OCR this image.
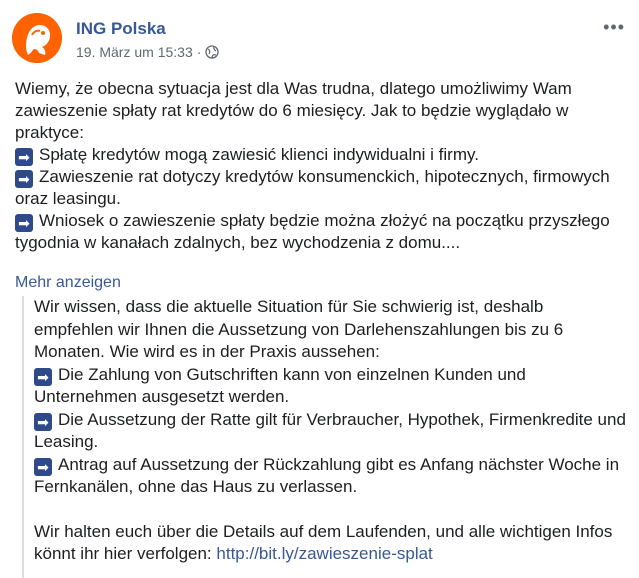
ING Polska
19. März um 15:33 ·
•••

Wiemy, że obecna sytuacja jest dla Was trudna, dlatego umożliwimy Wam zawieszenie spłaty rat kredytów do 6 miesięcy. Jak to będzie wyglądało w praktyce:

➡ Spłatę kredytów mogą zawiesić klienci indywidualni i firmy.

➡ Zawieszenie rat dotyczy kredytów konsumenckich, hipotecznych, firmowych oraz leasingu.

➡ Wniosek o zawieszenie spłaty będzie można złożyć na początku przyszłego tygodnia w kanałach zdalnych, bez wychodzenia z domu....

Mehr anzeigen

Wir wissen, dass die aktuelle Situation für Sie schwierig ist, deshalb empfehlen wir Ihnen die Aussetzung von Darlehenszahlungen bis zu 6 Monaten. Wie wird es in der Praxis aussehen:

➡ Die Zahlung von Gutschriften kann von einzelnen Kunden und Unternehmen ausgesetzt werden.

➡ Die Aussetzung der Ratte gilt für Verbraucher, Hypothek, Firmenkredite und Leasing.

➡ Antrag auf Aussetzung der Rückzahlung gibt es Anfang nächster Woche in Fernkanälen, ohne das Haus zu verlassen.

Wir halten euch über die Details auf dem Laufenden, und alle wichtigen Infos könnt ihr hier verfolgen: http://bit.ly/zawieszenie-splat
